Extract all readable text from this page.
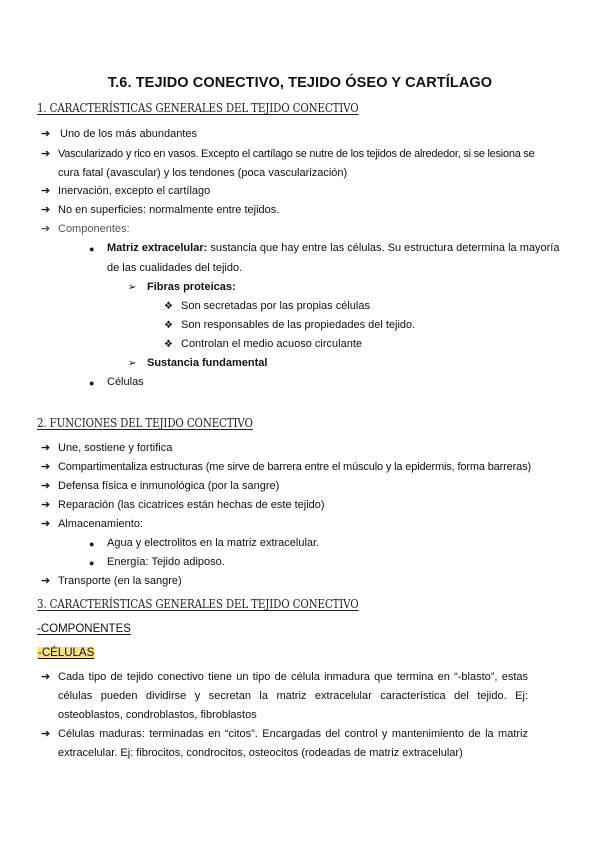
T.6. TEJIDO CONECTIVO, TEJIDO ÓSEO Y CARTÍLAGO
1. CARACTERÍSTICAS GENERALES DEL TEJIDO CONECTIVO
➔ Uno de los más abundantes
➔ Vascularizado y rico en vasos. Excepto el cartílago se nutre de los tejidos de alrededor, si se lesiona se
cura fatal (avascular) y los tendones (poca vascularización)
➔ Inervación, excepto el cartílago
➔ No en superficies: normalmente entre tejidos.
➔ Componentes:
● Matriz extracelular: sustancia que hay entre las células. Su estructura determina la mayoría
de las cualidades del tejido.
➢ Fibras proteicas:
❖ Son secretadas por las propias células
❖ Son responsables de las propiedades del tejido.
❖ Controlan el medio acuoso circulante
➢ Sustancia fundamental
● Células
2. FUNCIONES DEL TEJIDO CONECTIVO
➔ Une, sostiene y fortifica
➔ Compartimentaliza estructuras (me sirve de barrera entre el músculo y la epidermis, forma barreras)
➔ Defensa física e inmunológica (por la sangre)
➔ Reparación (las cicatrices están hechas de este tejido)
➔ Almacenamiento:
● Agua y electrolitos en la matriz extracelular.
● Energía: Tejido adiposo.
➔ Transporte (en la sangre)
3. CARACTERÍSTICAS GENERALES DEL TEJIDO CONECTIVO
-COMPONENTES
-CÉLULAS
➔ Cada tipo de tejido conectivo tiene un tipo de célula inmadura que termina en “-blasto”, estas
células pueden dividirse y secretan la matriz extracelular característica del tejido. Ej:
osteoblastos, condroblastos, fibroblastos
➔ Células maduras: terminadas en “citos”. Encargadas del control y mantenimiento de la matriz
extracelular. Ej: fibrocitos, condrocitos, osteocitos (rodeadas de matriz extracelular)
